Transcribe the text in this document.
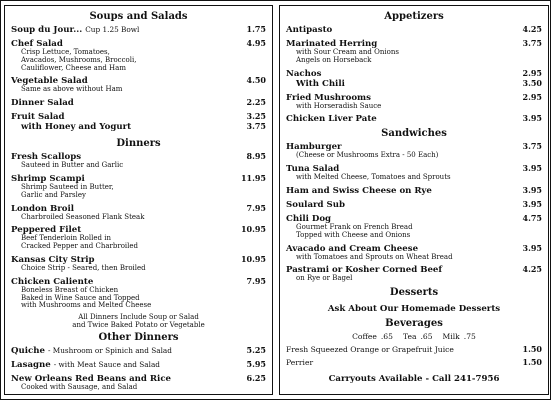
Soups and Salads
Soup du Jour... Cup 1.25 Bowl	1.75
Chef Salad	4.95
Crisp Lettuce, Tomatoes,
Avacados, Mushrooms, Broccoli,
Cauliflower, Cheese and Ham
Vegetable Salad	4.50
Same as above without Ham
Dinner Salad	2.25
Fruit Salad	3.25
with Honey and Yogurt	3.75
Dinners
Fresh Scallops	8.95
Sauteed in Butter and Garlic
Shrimp Scampi	11.95
Shrimp Sauteed in Butter,
Garlic and Parsley
London Broil	7.95
Charbroiled Seasoned Flank Steak
Peppered Filet	10.95
Beef Tenderloin Rolled in
Cracked Pepper and Charbroiled
Kansas City Strip	10.95
Choice Strip - Seared, then Broiled
Chicken Caliente	7.95
Boneless Breast of Chicken
Baked in Wine Sauce and Topped
with Mushrooms and Melted Cheese
All Dinners Include Soup or Salad
and Twice Baked Potato or Vegetable
Other Dinners
Quiche - Mushroom or Spinich and Salad	5.25
Lasagne - with Meat Sauce and Salad	5.95
New Orleans Red Beans and Rice	6.25
Cooked with Sausage, and Salad
Appetizers
Antipasto	4.25
Marinated Herring	3.75
with Sour Cream and Onions
Angels on Horseback
Nachos	2.95
With Chili	3.50
Fried Mushrooms	2.95
with Horseradish Sauce
Chicken Liver Pate	3.95
Sandwiches
Hamburger	3.75
(Cheese or Mushrooms Extra - 50 Each)
Tuna Salad	3.95
with Melted Cheese, Tomatoes and Sprouts
Ham and Swiss Cheese on Rye	3.95
Soulard Sub	3.95
Chili Dog	4.75
Gourmet Frank on French Bread
Topped with Cheese and Onions
Avacado and Cream Cheese	3.95
with Tomatoes and Sprouts on Wheat Bread
Pastrami or Kosher Corned Beef	4.25
on Rye or Bagel
Desserts
Ask About Our Homemade Desserts
Beverages
Coffee .65 Tea .65 Milk .75
Fresh Squeezed Orange or Grapefruit Juice	1.50
Perrier	1.50
Carryouts Available - Call 241-7956
